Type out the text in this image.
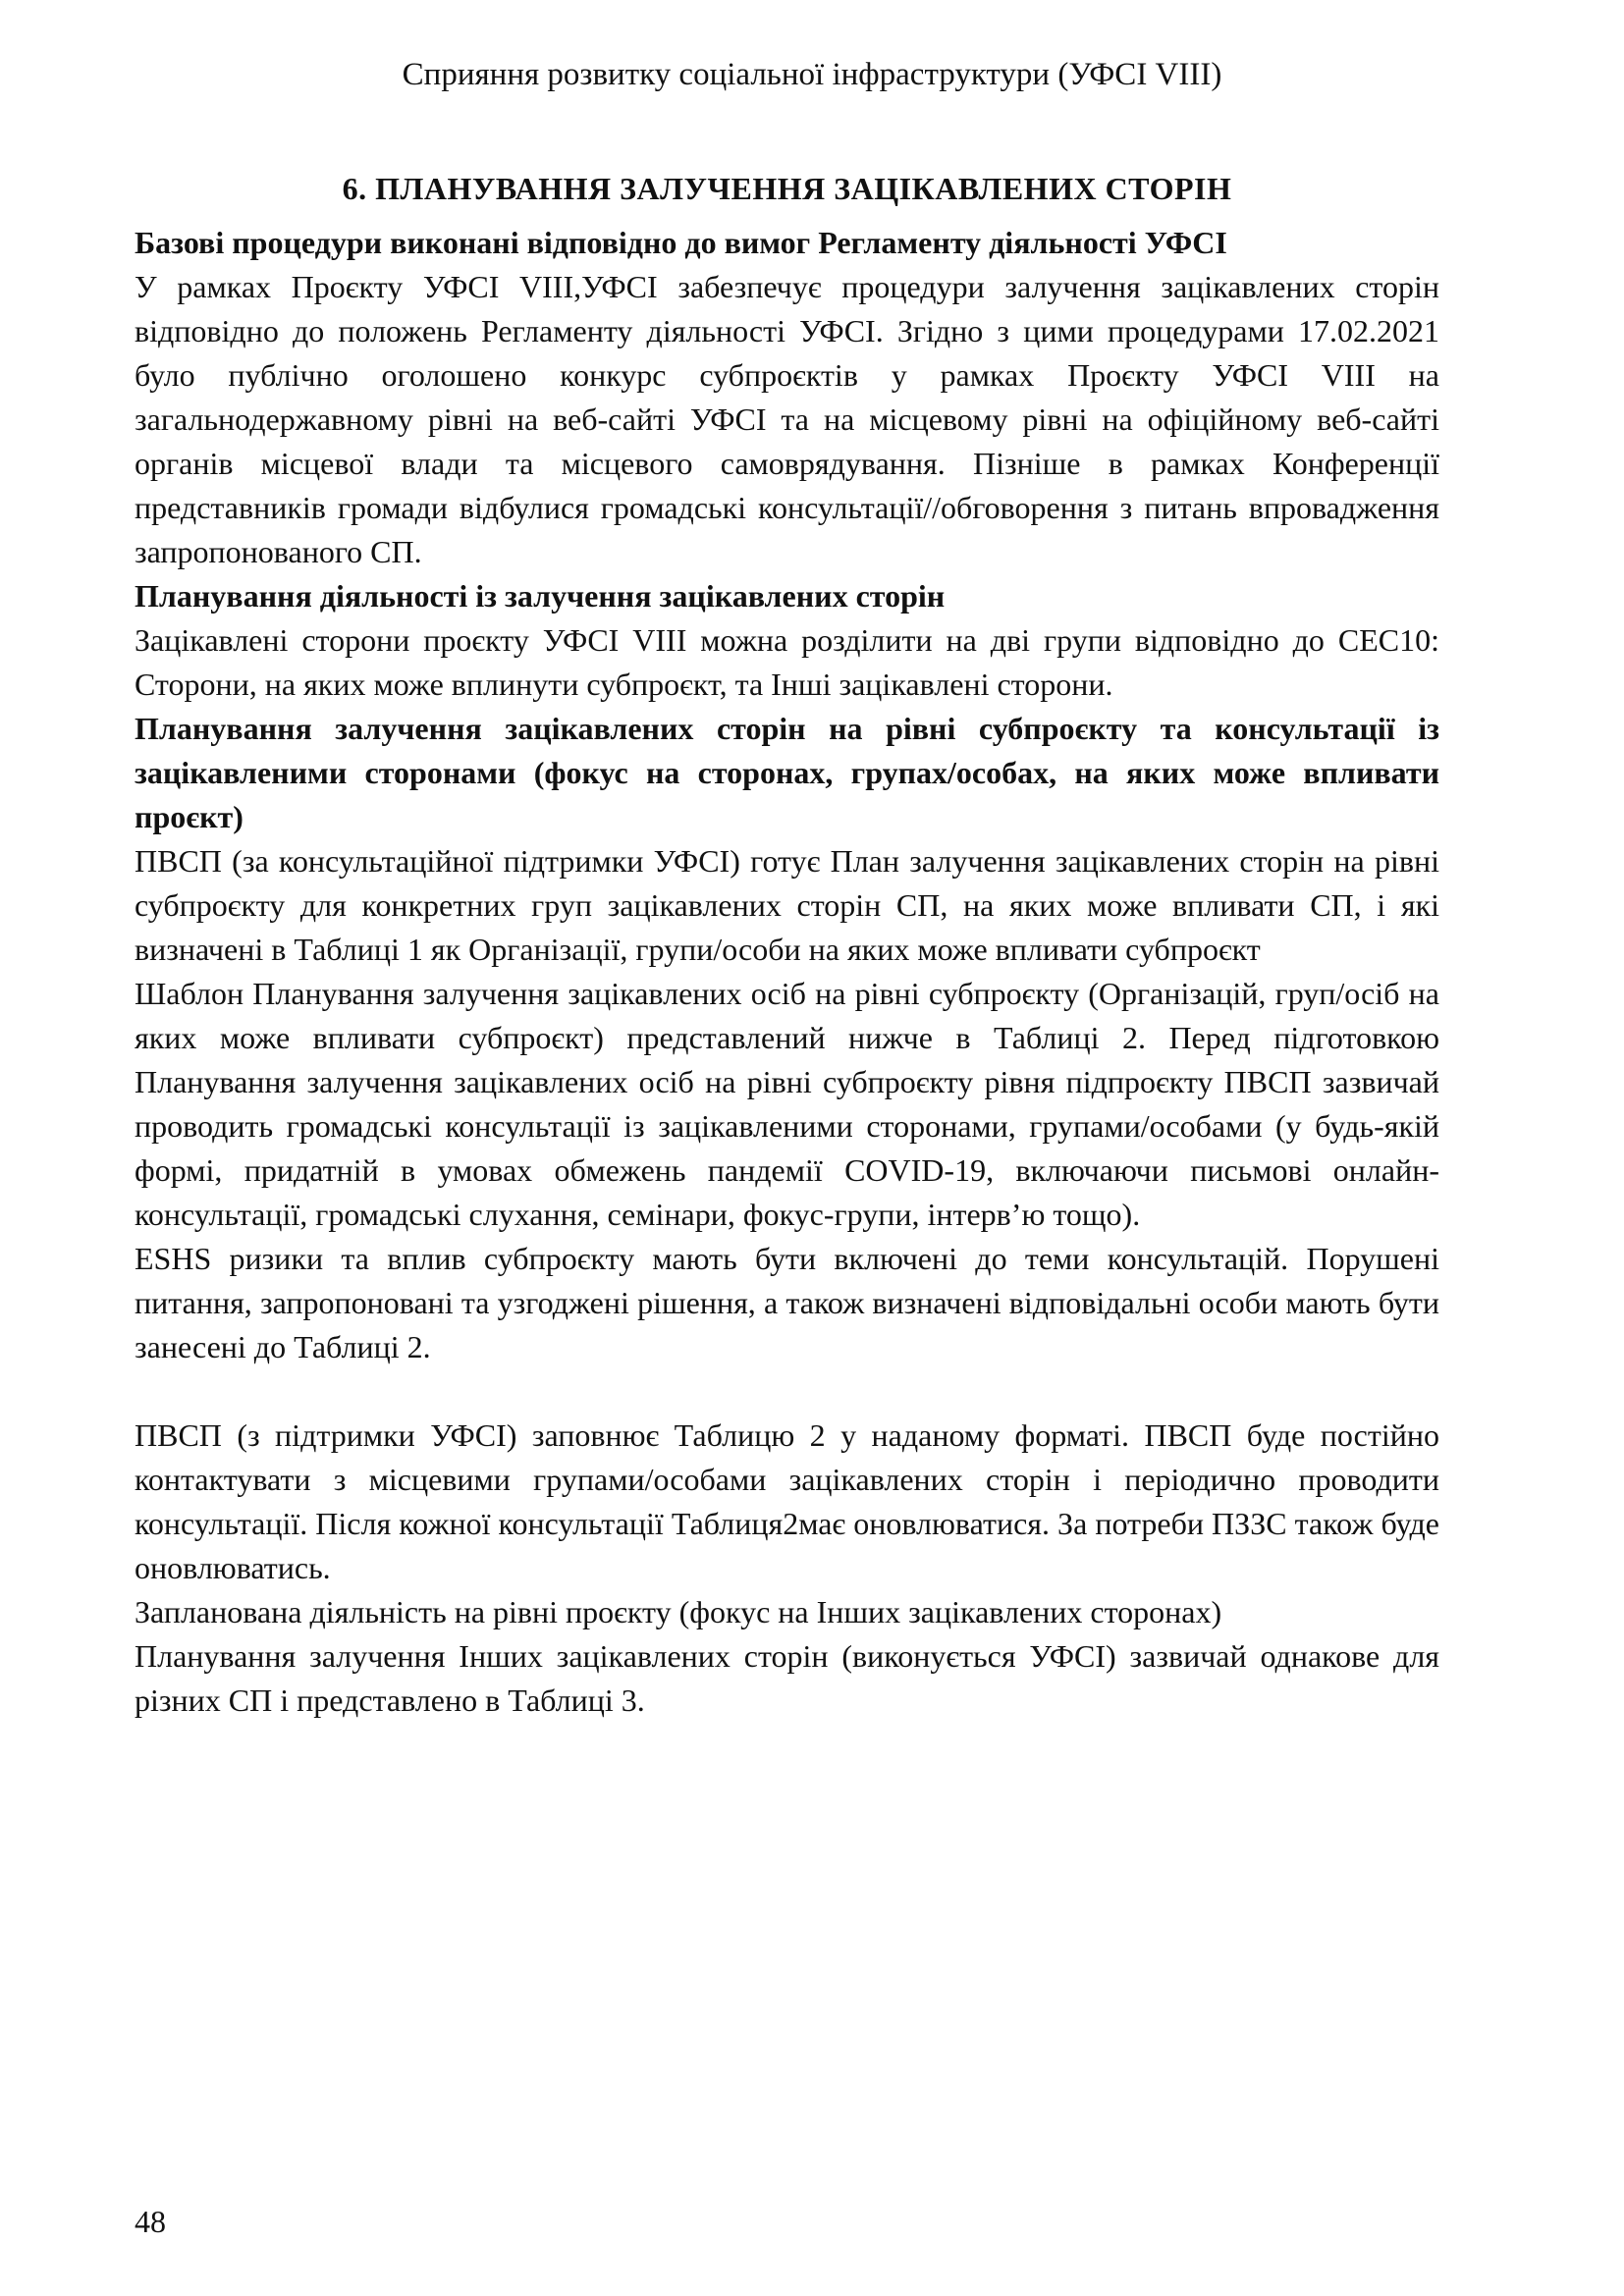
Сприяння розвитку соціальної інфраструктури (УФСІ VIII)
6. ПЛАНУВАННЯ ЗАЛУЧЕННЯ ЗАЦІКАВЛЕНИХ СТОРІН

Базові процедури виконані відповідно до вимог Регламенту діяльності УФСІ

У рамках Проєкту УФСІ VIII,УФСІ забезпечує процедури залучення зацікавлених сторін відповідно до положень Регламенту діяльності УФСІ. Згідно з цими процедурами 17.02.2021 було публічно оголошено конкурс субпроєктів у рамках Проєкту УФСІ VIII на загальнодержавному рівні на веб-сайті УФСІ та на місцевому рівні на офіційному веб-сайті органів місцевої влади та місцевого самоврядування. Пізніше в рамках Конференції представників громади відбулися громадські консультації//обговорення з питань впровадження запропонованого СП.

Планування діяльності із залучення зацікавлених сторін

Зацікавлені сторони проєкту УФСІ VIII можна розділити на дві групи відповідно до СЕС10: Сторони, на яких може вплинути субпроєкт, та Інші зацікавлені сторони.

Планування залучення зацікавлених сторін на рівні субпроєкту та консультації із зацікавленими сторонами (фокус на сторонах, групах/особах, на яких може впливати проєкт)

ПВСП (за консультаційної підтримки УФСІ) готує План залучення зацікавлених сторін на рівні субпроєкту для конкретних груп зацікавлених сторін СП, на яких може впливати СП, і які визначені в Таблиці 1 як Організації, групи/особи на яких може впливати субпроєкт

Шаблон Планування залучення зацікавлених осіб на рівні субпроєкту (Організацій, груп/осіб на яких може впливати субпроєкт) представлений нижче в Таблиці 2. Перед підготовкою Планування залучення зацікавлених осіб на рівні субпроєкту рівня підпроєкту ПВСП зазвичай проводить громадські консультації із зацікавленими сторонами, групами/особами (у будь-якій формі, придатній в умовах обмежень пандемії COVID-19, включаючи письмові онлайн-консультації, громадські слухання, семінари, фокус-групи, інтерв’ю тощо).

ESHS ризики та вплив субпроєкту мають бути включені до теми консультацій. Порушені питання, запропоновані та узгоджені рішення, а також визначені відповідальні особи мають бути занесені до Таблиці 2.

ПВСП (з підтримки УФСІ) заповнює Таблицю 2 у наданому форматі. ПВСП буде постійно контактувати з місцевими групами/особами зацікавлених сторін і періодично проводити консультації. Після кожної консультації Таблиця2має оновлюватися. За потреби ПЗЗС також буде оновлюватись.

Запланована діяльність на рівні проєкту (фокус на Інших зацікавлених сторонах)

Планування залучення Інших зацікавлених сторін (виконується УФСІ) зазвичай однакове для різних СП і представлено в Таблиці 3.

48
